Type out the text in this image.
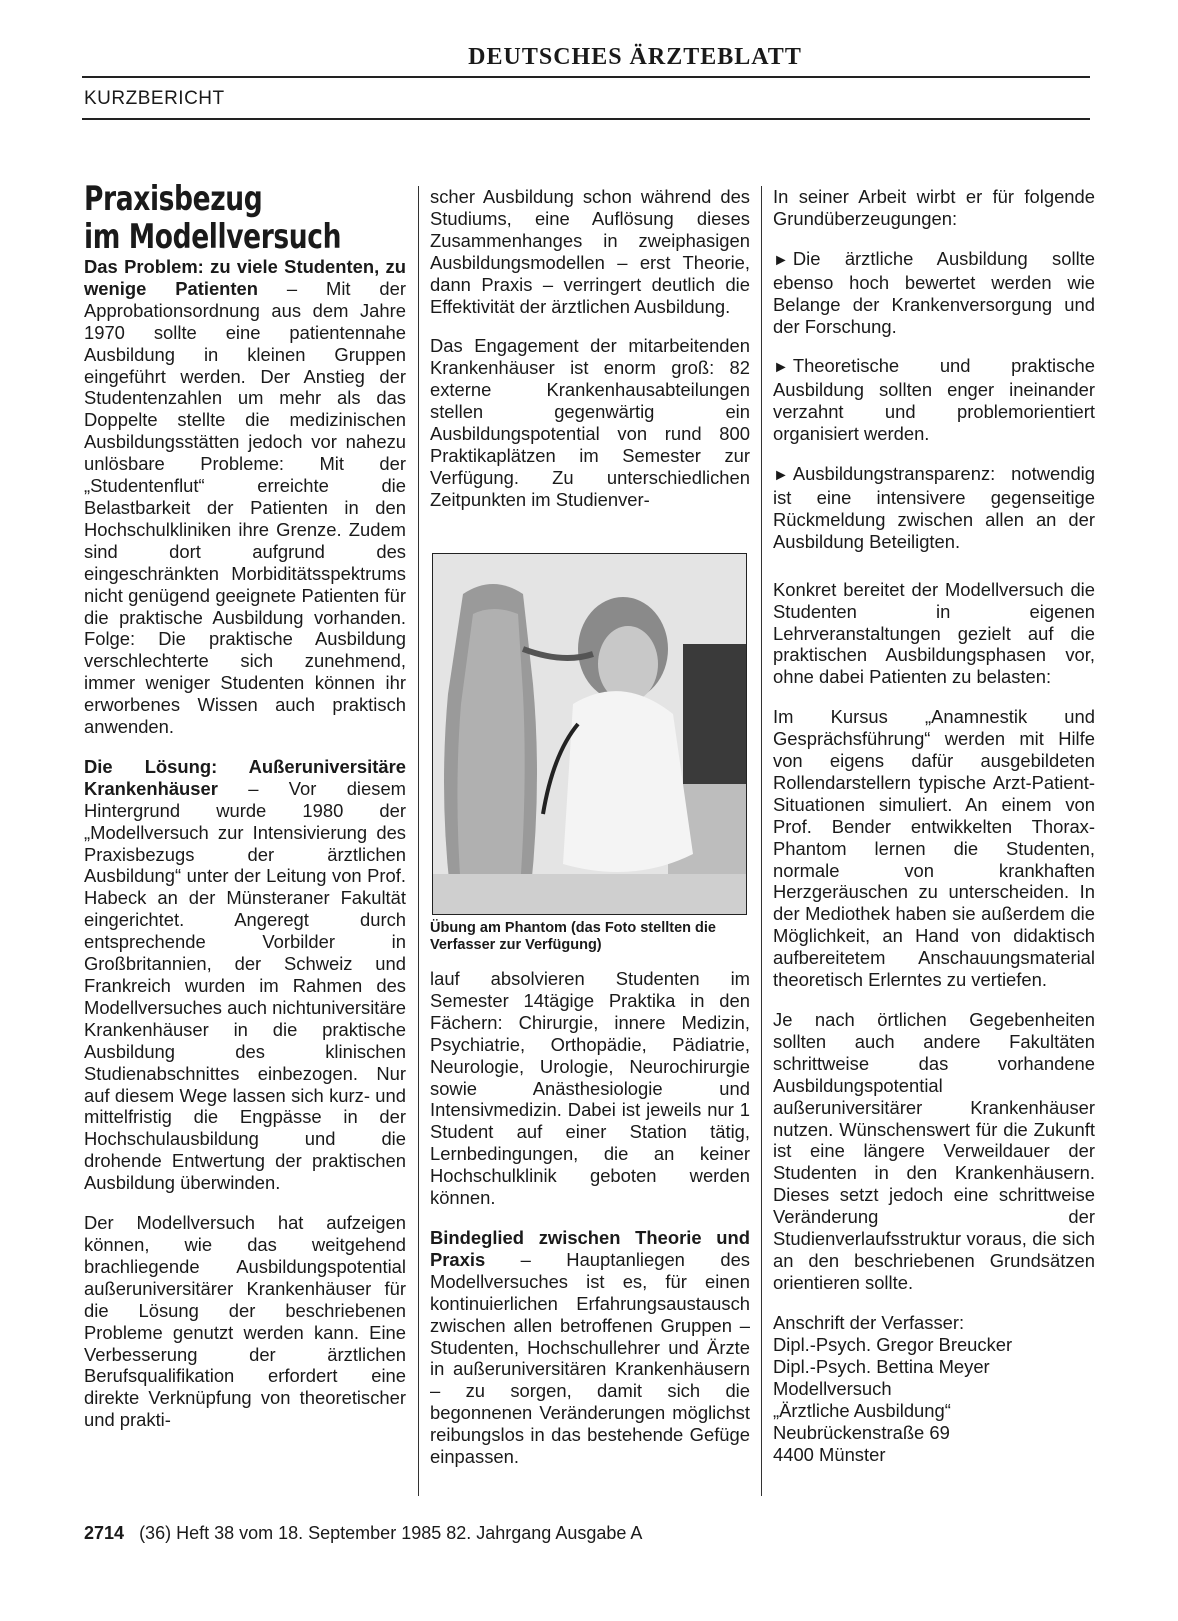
DEUTSCHES ÄRZTEBLATT
KURZBERICHT
Praxisbezug
im Modellversuch

Das Problem: zu viele Studenten, zu wenige Patienten – Mit der Approbationsordnung aus dem Jahre 1970 sollte eine patientennahe Ausbildung in kleinen Gruppen eingeführt werden. Der Anstieg der Studentenzahlen um mehr als das Doppelte stellte die medizinischen Ausbildungsstätten jedoch vor nahezu unlösbare Probleme: Mit der „Studentenflut“ erreichte die Belastbarkeit der Patienten in den Hochschulkliniken ihre Grenze. Zudem sind dort aufgrund des eingeschränkten Morbiditätsspektrums nicht genügend geeignete Patienten für die praktische Ausbildung vorhanden. Folge: Die praktische Ausbildung verschlechterte sich zunehmend, immer weniger Studenten können ihr erworbenes Wissen auch praktisch anwenden.

Die Lösung: Außeruniversitäre Krankenhäuser – Vor diesem Hintergrund wurde 1980 der „Modellversuch zur Intensivierung des Praxisbezugs der ärztlichen Ausbildung“ unter der Leitung von Prof. Habeck an der Münsteraner Fakultät eingerichtet. Angeregt durch entsprechende Vorbilder in Großbritannien, der Schweiz und Frankreich wurden im Rahmen des Modellversuches auch nichtuniversitäre Krankenhäuser in die praktische Ausbildung des klinischen Studienabschnittes einbezogen. Nur auf diesem Wege lassen sich kurz- und mittelfristig die Engpässe in der Hochschulausbildung und die drohende Entwertung der praktischen Ausbildung überwinden.

Der Modellversuch hat aufzeigen können, wie das weitgehend brachliegende Ausbildungspotential außeruniversitärer Krankenhäuser für die Lösung der beschriebenen Probleme genutzt werden kann. Eine Verbesserung der ärztlichen Berufsqualifikation erfordert eine direkte Verknüpfung von theoretischer und prakti-

scher Ausbildung schon während des Studiums, eine Auflösung dieses Zusammenhanges in zweiphasigen Ausbildungsmodellen – erst Theorie, dann Praxis – verringert deutlich die Effektivität der ärztlichen Ausbildung.

Das Engagement der mitarbeitenden Krankenhäuser ist enorm groß: 82 externe Krankenhausabteilungen stellen gegenwärtig ein Ausbildungspotential von rund 800 Praktikaplätzen im Semester zur Verfügung. Zu unterschiedlichen Zeitpunkten im Studienver-

Übung am Phantom (das Foto stellten die Verfasser zur Verfügung)

lauf absolvieren Studenten im Semester 14tägige Praktika in den Fächern: Chirurgie, innere Medizin, Psychiatrie, Orthopädie, Pädiatrie, Neurologie, Urologie, Neurochirurgie sowie Anästhesiologie und Intensivmedizin. Dabei ist jeweils nur 1 Student auf einer Station tätig, Lernbedingungen, die an keiner Hochschulklinik geboten werden können.

Bindeglied zwischen Theorie und Praxis – Hauptanliegen des Modellversuches ist es, für einen kontinuierlichen Erfahrungsaustausch zwischen allen betroffenen Gruppen – Studenten, Hochschullehrer und Ärzte in außeruniversitären Krankenhäusern – zu sorgen, damit sich die begonnenen Veränderungen möglichst reibungslos in das bestehende Gefüge einpassen.

In seiner Arbeit wirbt er für folgende Grundüberzeugungen:

► Die ärztliche Ausbildung sollte ebenso hoch bewertet werden wie Belange der Krankenversorgung und der Forschung.

► Theoretische und praktische Ausbildung sollten enger ineinander verzahnt und problemorientiert organisiert werden.

► Ausbildungstransparenz: notwendig ist eine intensivere gegenseitige Rückmeldung zwischen allen an der Ausbildung Beteiligten.

Konkret bereitet der Modellversuch die Studenten in eigenen Lehrveranstaltungen gezielt auf die praktischen Ausbildungsphasen vor, ohne dabei Patienten zu belasten:

Im Kursus „Anamnestik und Gesprächsführung“ werden mit Hilfe von eigens dafür ausgebildeten Rollendarstellern typische Arzt-Patient-Situationen simuliert. An einem von Prof. Bender entwikkelten Thorax-Phantom lernen die Studenten, normale von krankhaften Herzgeräuschen zu unterscheiden. In der Mediothek haben sie außerdem die Möglichkeit, an Hand von didaktisch aufbereitetem Anschauungsmaterial theoretisch Erlerntes zu vertiefen.

Je nach örtlichen Gegebenheiten sollten auch andere Fakultäten schrittweise das vorhandene Ausbildungspotential außeruniversitärer Krankenhäuser nutzen. Wünschenswert für die Zukunft ist eine längere Verweildauer der Studenten in den Krankenhäusern. Dieses setzt jedoch eine schrittweise Veränderung der Studienverlaufsstruktur voraus, die sich an den beschriebenen Grundsätzen orientieren sollte.

Anschrift der Verfasser:
Dipl.-Psych. Gregor Breucker
Dipl.-Psych. Bettina Meyer
Modellversuch
„Ärztliche Ausbildung“
Neubrückenstraße 69
4400 Münster
2714 (36) Heft 38 vom 18. September 1985 82. Jahrgang Ausgabe A
